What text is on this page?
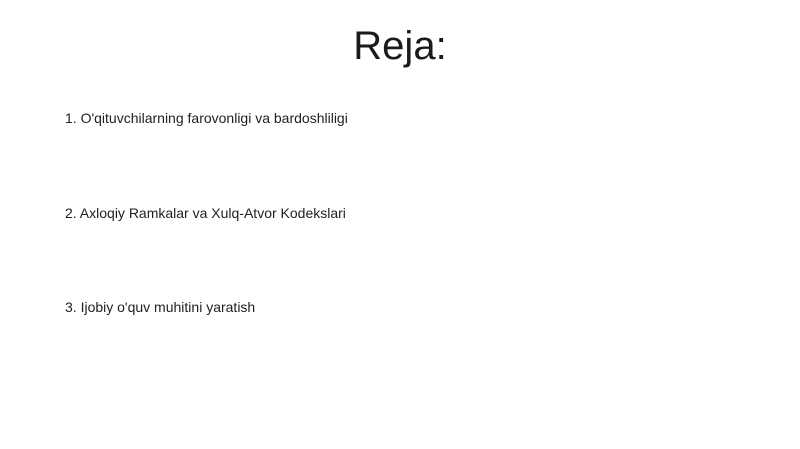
Reja:
1. O'qituvchilarning farovonligi va bardoshliligi
2. Axloqiy Ramkalar va Xulq-Atvor Kodekslari
3. Ijobiy o'quv muhitini yaratish
